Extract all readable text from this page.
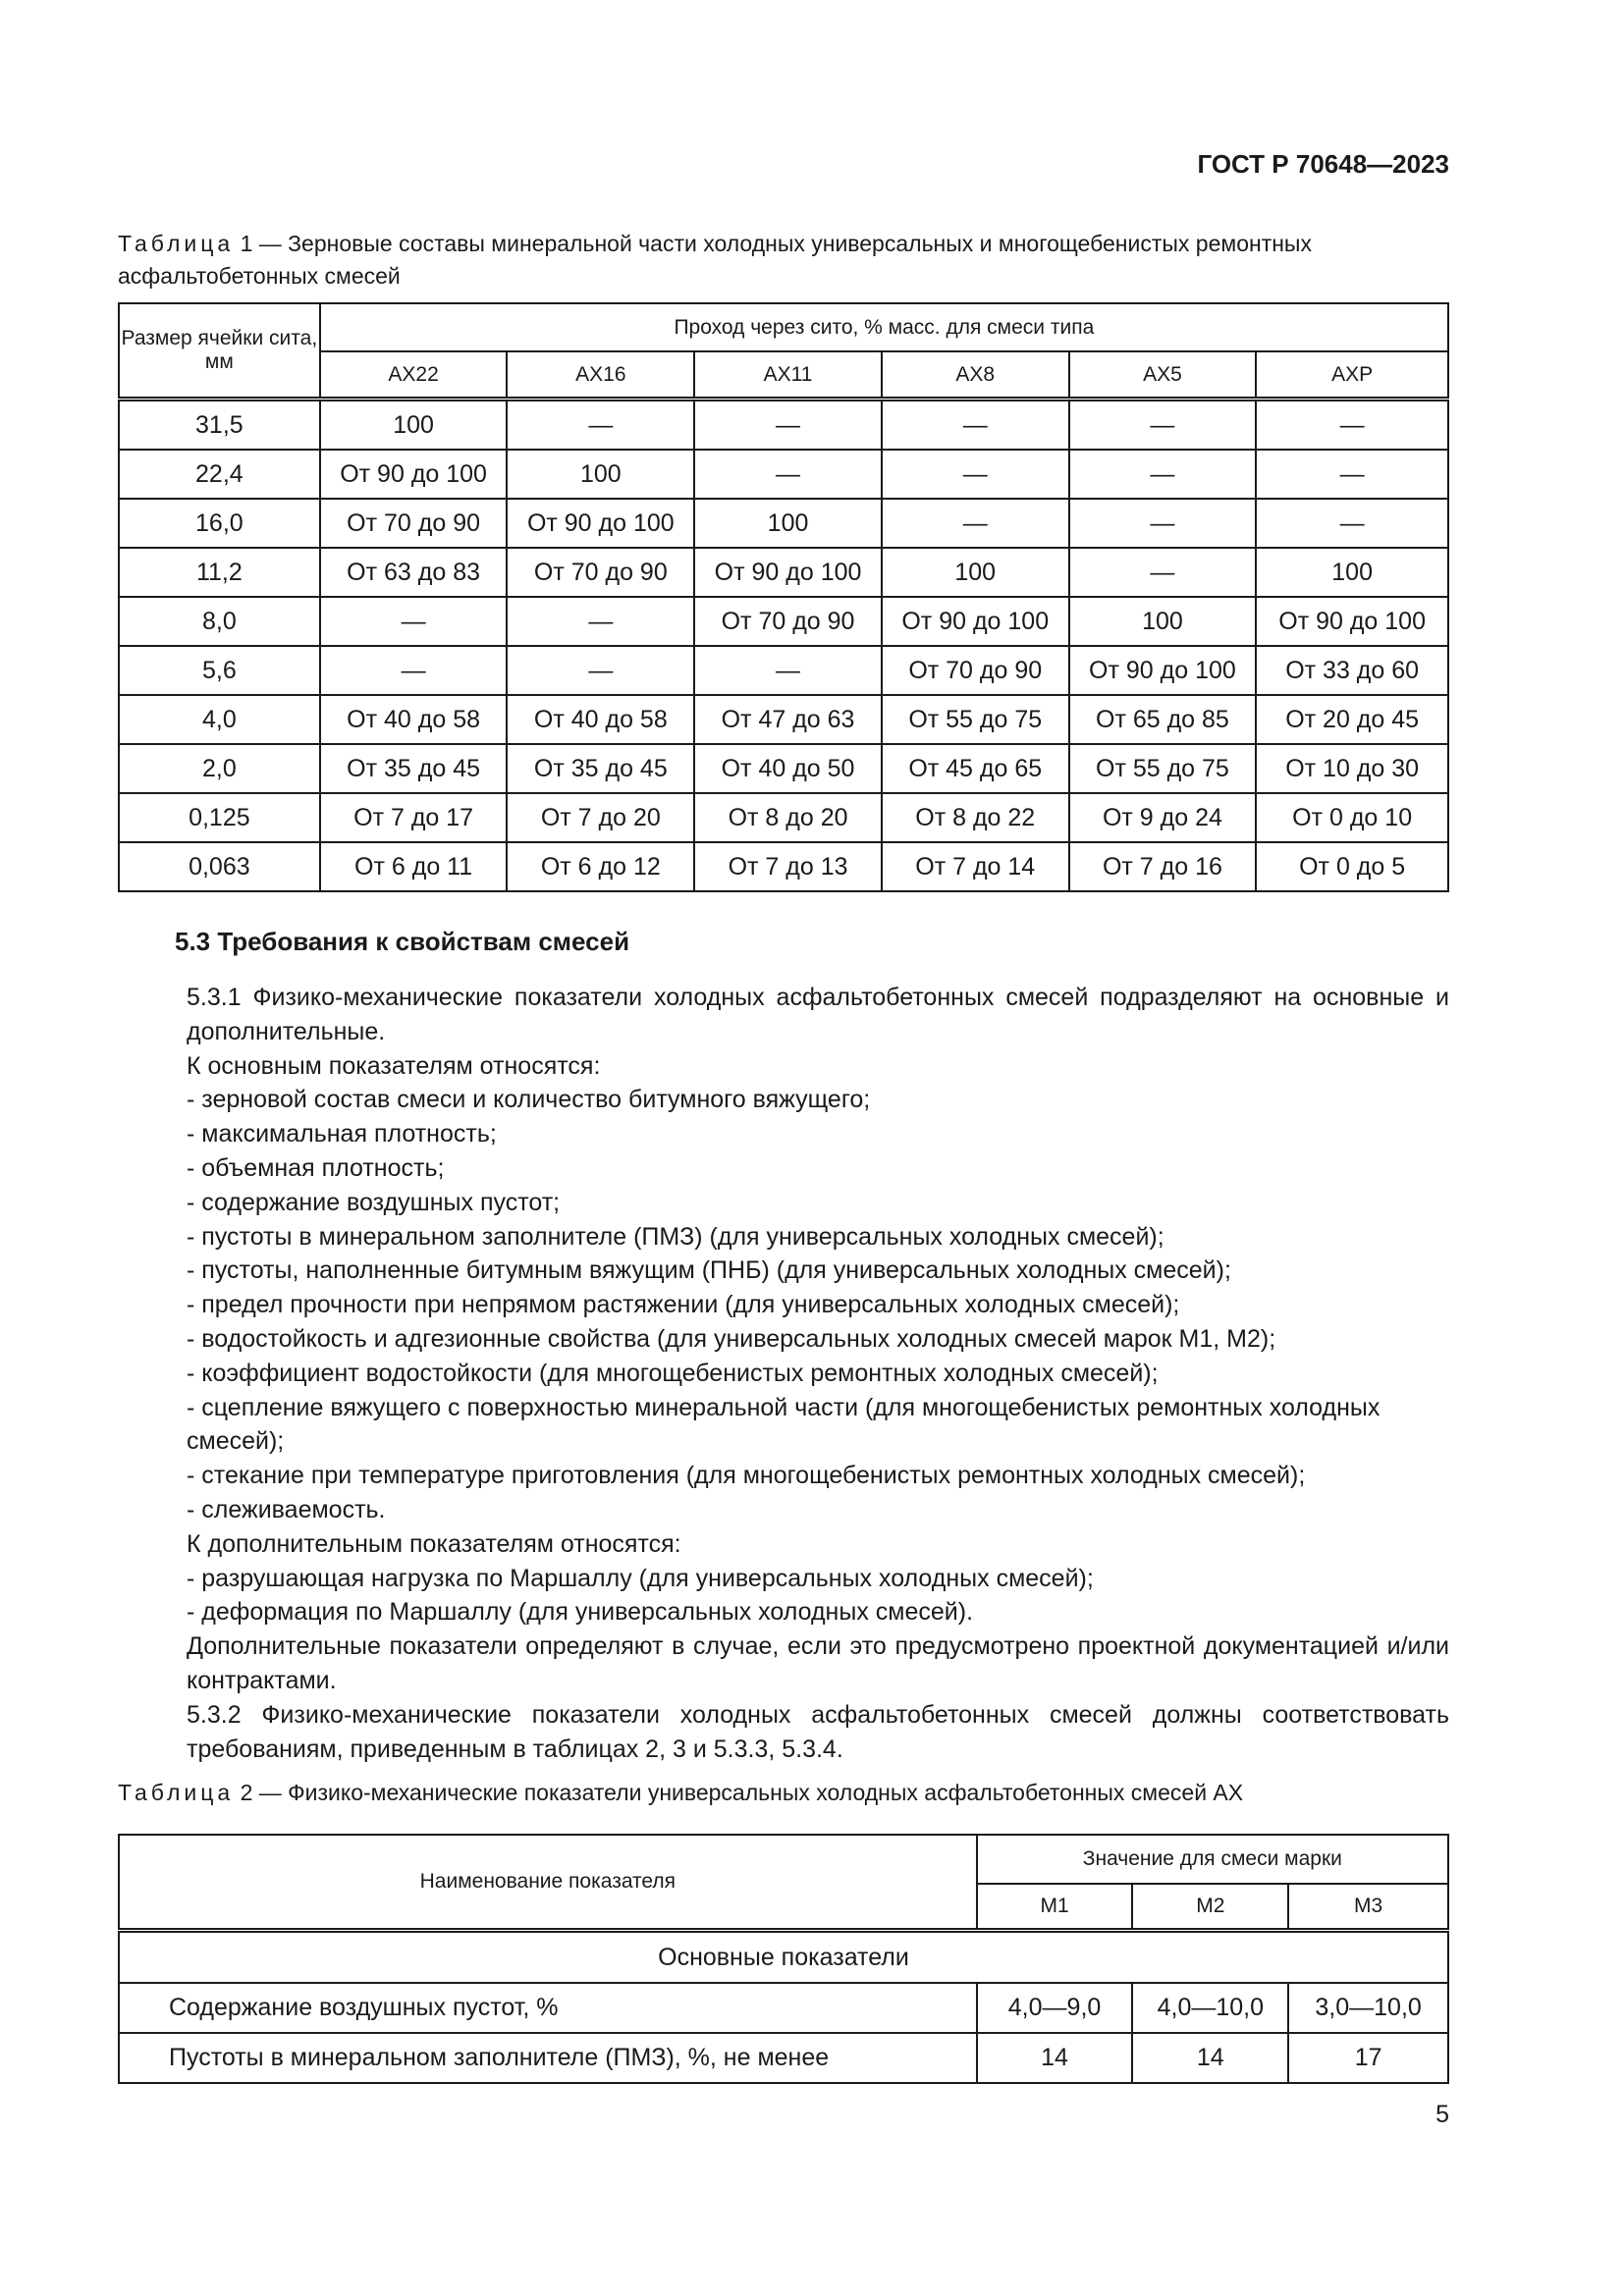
ГОСТ Р 70648—2023
Таблица 1 — Зерновые составы минеральной части холодных универсальных и многощебенистых ремонтных асфальтобетонных смесей
Размер ячейки сита, мм	Проход через сито, % масс. для смеси типа					
	АХ22	АХ16	АХ11	АХ8	АХ5	АХР
31,5	100	—	—	—	—	—
22,4	От 90 до 100	100	—	—	—	—
16,0	От 70 до 90	От 90 до 100	100	—	—	—
11,2	От 63 до 83	От 70 до 90	От 90 до 100	100	—	100
8,0	—	—	От 70 до 90	От 90 до 100	100	От 90 до 100
5,6	—	—	—	От 70 до 90	От 90 до 100	От 33 до 60
4,0	От 40 до 58	От 40 до 58	От 47 до 63	От 55 до 75	От 65 до 85	От 20 до 45
2,0	От 35 до 45	От 35 до 45	От 40 до 50	От 45 до 65	От 55 до 75	От 10 до 30
0,125	От 7 до 17	От 7 до 20	От 8 до 20	От 8 до 22	От 9 до 24	От 0 до 10
0,063	От 6 до 11	От 6 до 12	От 7 до 13	От 7 до 14	От 7 до 16	От 0 до 5
5.3 Требования к свойствам смесей

5.3.1 Физико-механические показатели холодных асфальтобетонных смесей подразделяют на основные и дополнительные.

К основным показателям относятся:

- зерновой состав смеси и количество битумного вяжущего;

- максимальная плотность;

- объемная плотность;

- содержание воздушных пустот;

- пустоты в минеральном заполнителе (ПМЗ) (для универсальных холодных смесей);

- пустоты, наполненные битумным вяжущим (ПНБ) (для универсальных холодных смесей);

- предел прочности при непрямом растяжении (для универсальных холодных смесей);

- водостойкость и адгезионные свойства (для универсальных холодных смесей марок М1, М2);

- коэффициент водостойкости (для многощебенистых ремонтных холодных смесей);

- сцепление вяжущего с поверхностью минеральной части (для многощебенистых ремонтных холодных смесей);

- стекание при температуре приготовления (для многощебенистых ремонтных холодных смесей);

- слеживаемость.

К дополнительным показателям относятся:

- разрушающая нагрузка по Маршаллу (для универсальных холодных смесей);

- деформация по Маршаллу (для универсальных холодных смесей).

Дополнительные показатели определяют в случае, если это предусмотрено проектной документацией и/или контрактами.

5.3.2 Физико-механические показатели холодных асфальтобетонных смесей должны соответствовать требованиям, приведенным в таблицах 2, 3 и 5.3.3, 5.3.4.

Таблица 2 — Физико-механические показатели универсальных холодных асфальтобетонных смесей АХ
Наименование показателя	Значение для смеси марки		
	М1	М2	М3
Основные показатели			
Содержание воздушных пустот, %	4,0—9,0	4,0—10,0	3,0—10,0
Пустоты в минеральном заполнителе (ПМЗ), %, не менее	14	14	17
5
